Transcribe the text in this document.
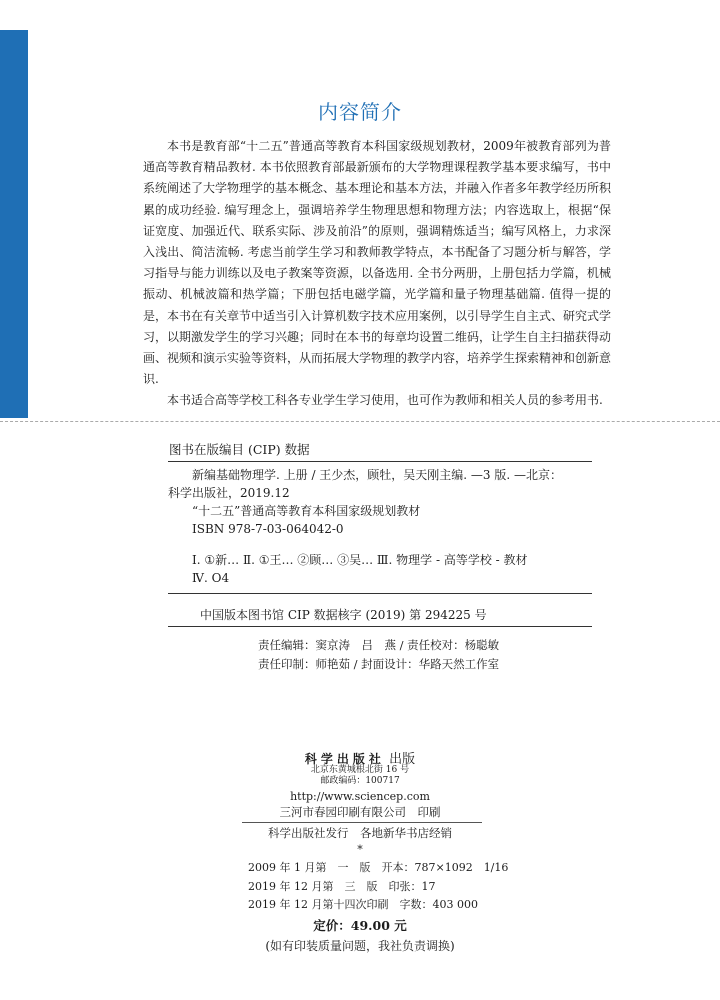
内容简介

本书是教育部“十二五”普通高等教育本科国家级规划教材，2009年被教育部列为普通高等教育精品教材. 本书依照教育部最新颁布的大学物理课程教学基本要求编写，书中系统阐述了大学物理学的基本概念、基本理论和基本方法，并融入作者多年教学经历所积累的成功经验. 编写理念上，强调培养学生物理思想和物理方法；内容选取上，根据“保证宽度、加强近代、联系实际、涉及前沿”的原则，强调精炼适当；编写风格上，力求深入浅出、简洁流畅. 考虑当前学生学习和教师教学特点，本书配备了习题分析与解答，学习指导与能力训练以及电子教案等资源，以备选用. 全书分两册，上册包括力学篇，机械振动、机械波篇和热学篇；下册包括电磁学篇，光学篇和量子物理基础篇. 值得一提的是，本书在有关章节中适当引入计算机数字技术应用案例，以引导学生自主式、研究式学习，以期激发学生的学习兴趣；同时在本书的每章均设置二维码，让学生自主扫描获得动画、视频和演示实验等资料，从而拓展大学物理的教学内容，培养学生探索精神和创新意识.

本书适合高等学校工科各专业学生学习使用，也可作为教师和相关人员的参考用书.

图书在版编目 (CIP) 数据
新编基础物理学. 上册 / 王少杰，顾牡，吴天刚主编. —3 版. —北京：
科学出版社，2019.12
“十二五”普通高等教育本科国家级规划教材
ISBN 978-7-03-064042-0
Ⅰ. ①新… Ⅱ. ①王… ②顾… ③吴… Ⅲ. 物理学 - 高等学校 - 教材
Ⅳ. O4
中国版本图书馆 CIP 数据核字 (2019) 第 294225 号
责任编辑：窦京涛　吕　燕 / 责任校对：杨聪敏
责任印制：师艳茹 / 封面设计：华路天然工作室
科学出版社 出版
北京东黄城根北街 16 号
邮政编码：100717
http://www.sciencep.com
三河市春园印刷有限公司　印刷
科学出版社发行　各地新华书店经销
*
2009 年 1 月第　一　版　开本：787×1092　1/16
2019 年 12 月第　三　版　印张：17
2019 年 12 月第十四次印刷　字数：403 000
定价：49.00 元
(如有印装质量问题，我社负责调换)
